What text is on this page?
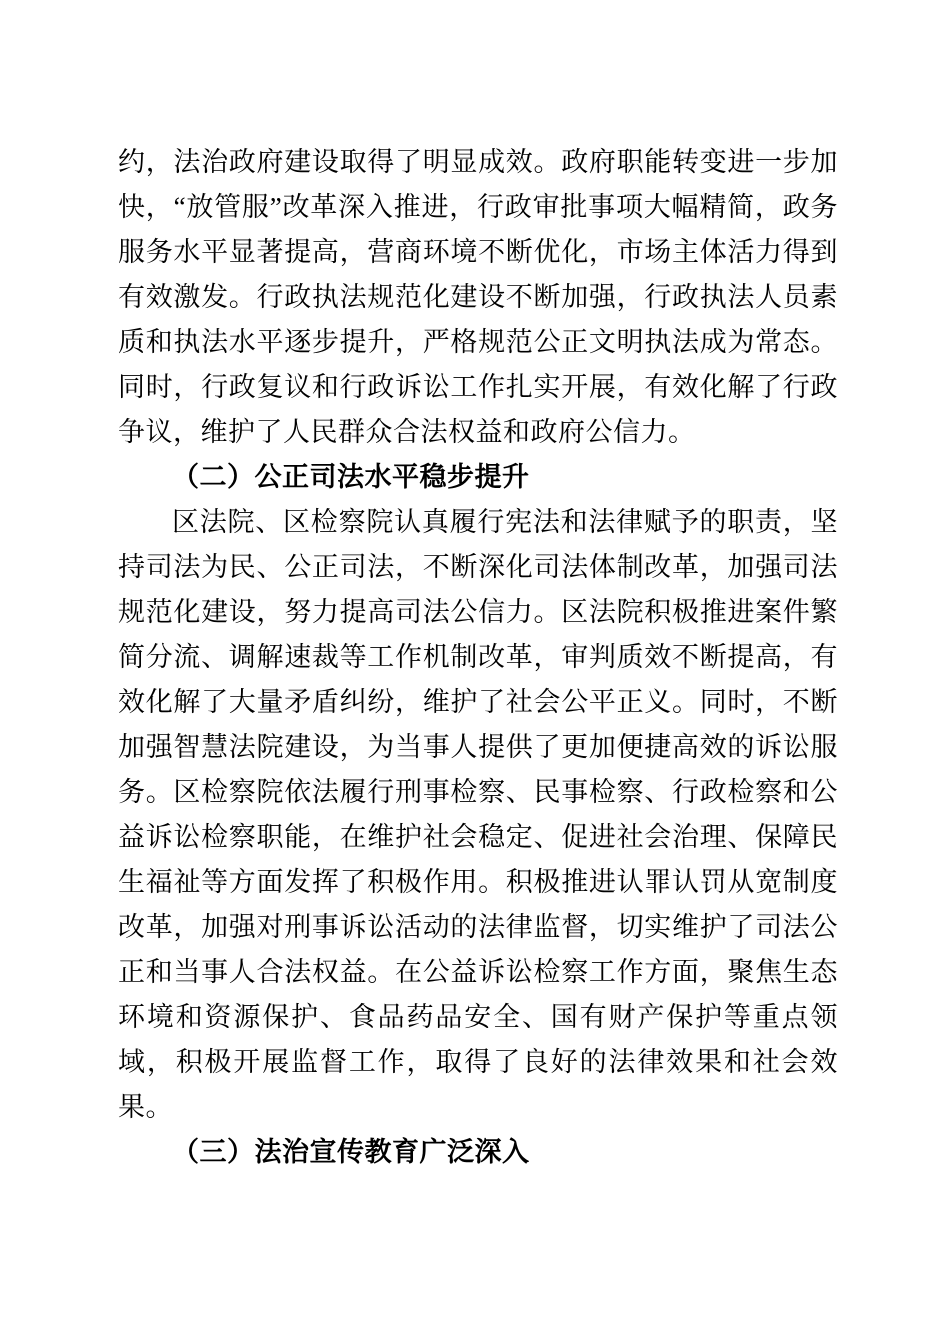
约，法治政府建设取得了明显成效。政府职能转变进一步加快，“放管服”改革深入推进，行政审批事项大幅精简，政务服务水平显著提高，营商环境不断优化，市场主体活力得到有效激发。行政执法规范化建设不断加强，行政执法人员素质和执法水平逐步提升，严格规范公正文明执法成为常态。同时，行政复议和行政诉讼工作扎实开展，有效化解了行政争议，维护了人民群众合法权益和政府公信力。

（二）公正司法水平稳步提升

区法院、区检察院认真履行宪法和法律赋予的职责，坚持司法为民、公正司法，不断深化司法体制改革，加强司法规范化建设，努力提高司法公信力。区法院积极推进案件繁简分流、调解速裁等工作机制改革，审判质效不断提高，有效化解了大量矛盾纠纷，维护了社会公平正义。同时，不断加强智慧法院建设，为当事人提供了更加便捷高效的诉讼服务。区检察院依法履行刑事检察、民事检察、行政检察和公益诉讼检察职能，在维护社会稳定、促进社会治理、保障民生福祉等方面发挥了积极作用。积极推进认罪认罚从宽制度改革，加强对刑事诉讼活动的法律监督，切实维护了司法公正和当事人合法权益。在公益诉讼检察工作方面，聚焦生态环境和资源保护、食品药品安全、国有财产保护等重点领域，积极开展监督工作，取得了良好的法律效果和社会效果。

（三）法治宣传教育广泛深入
